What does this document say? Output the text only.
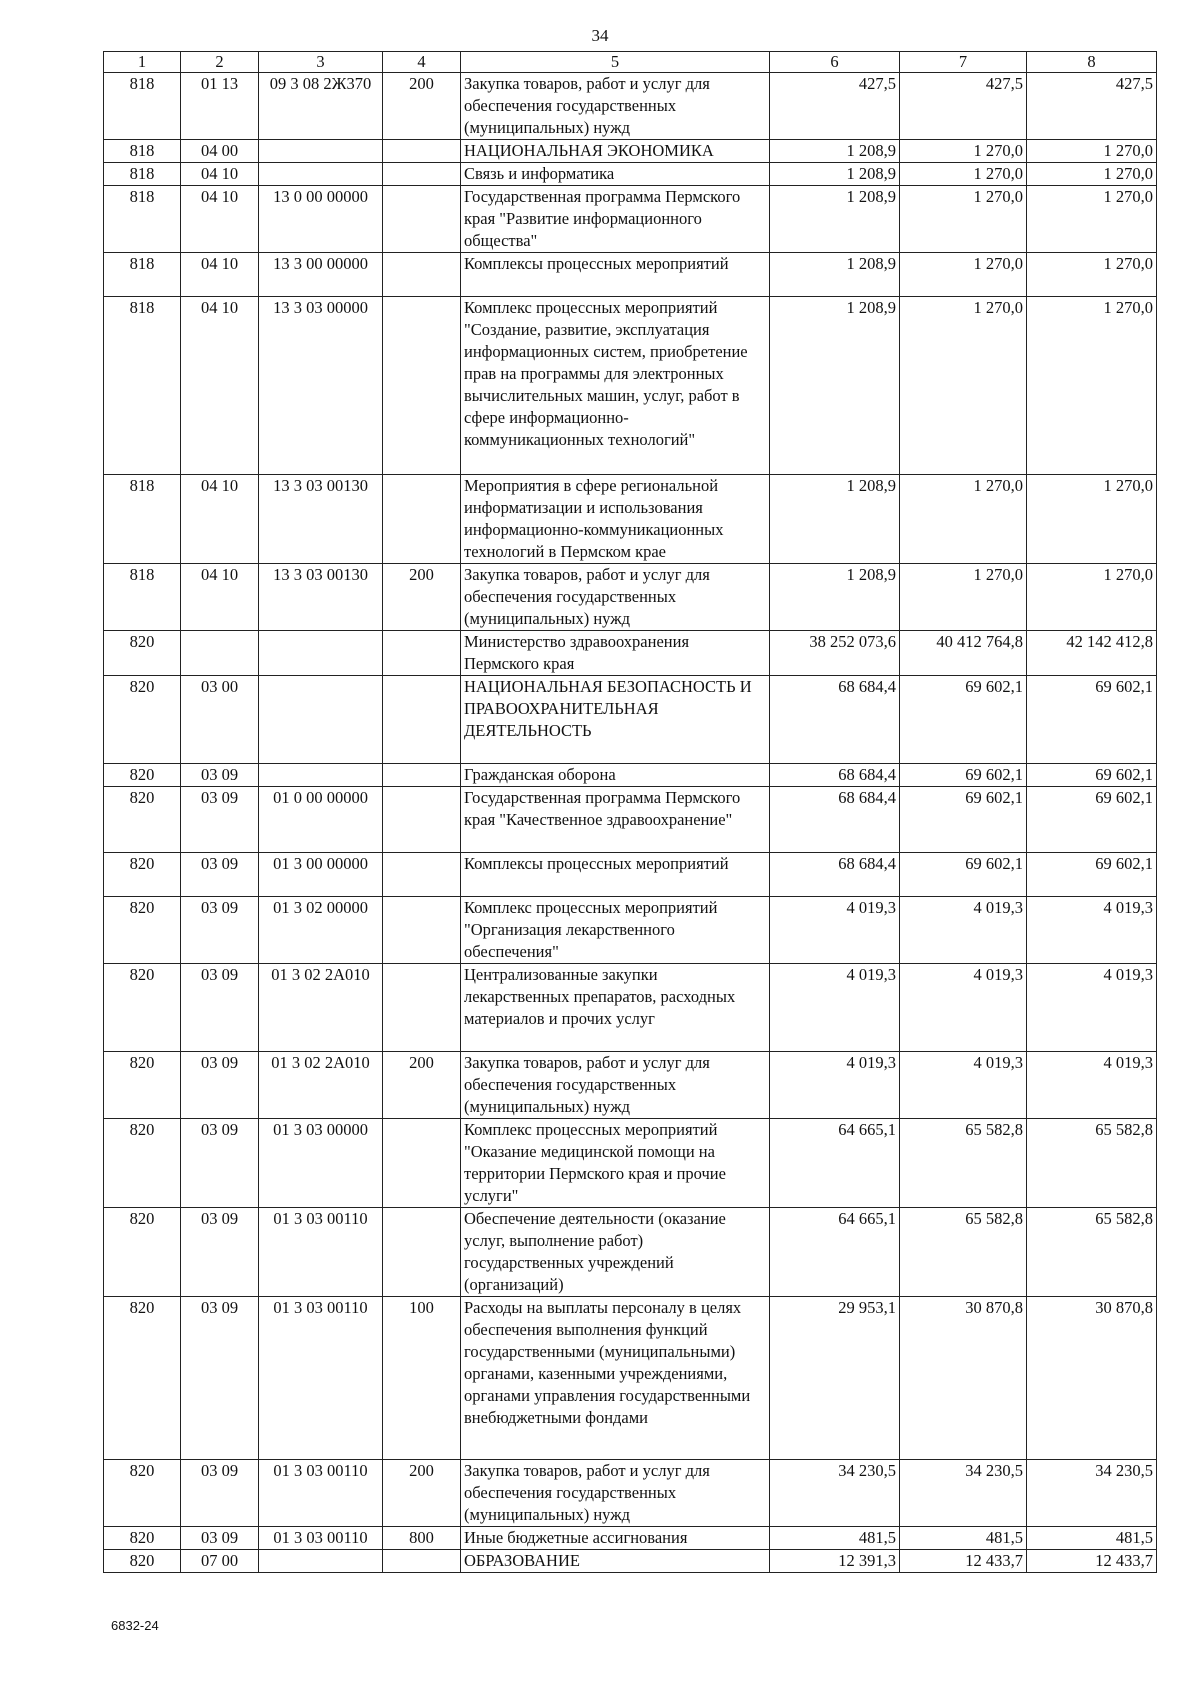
34
1	2	3	4	5	6	7	8
818	01 13	09 3 08 2Ж370	200	Закупка товаров, работ и услуг для обеспечения государственных (муниципальных) нужд	427,5	427,5	427,5
818	04 00			НАЦИОНАЛЬНАЯ ЭКОНОМИКА	1 208,9	1 270,0	1 270,0
818	04 10			Связь и информатика	1 208,9	1 270,0	1 270,0
818	04 10	13 0 00 00000		Государственная программа Пермского края "Развитие информационного общества"	1 208,9	1 270,0	1 270,0
818	04 10	13 3 00 00000		Комплексы процессных мероприятий	1 208,9	1 270,0	1 270,0
818	04 10	13 3 03 00000		Комплекс процессных мероприятий "Создание, развитие, эксплуатация информационных систем, приобретение прав на программы для электронных вычислительных машин, услуг, работ в сфере информационно-коммуникационных технологий"	1 208,9	1 270,0	1 270,0
818	04 10	13 3 03 00130		Мероприятия в сфере региональной информатизации и использования информационно-коммуникационных технологий в Пермском крае	1 208,9	1 270,0	1 270,0
818	04 10	13 3 03 00130	200	Закупка товаров, работ и услуг для обеспечения государственных (муниципальных) нужд	1 208,9	1 270,0	1 270,0
820				Министерство здравоохранения Пермского края	38 252 073,6	40 412 764,8	42 142 412,8
820	03 00			НАЦИОНАЛЬНАЯ БЕЗОПАСНОСТЬ И ПРАВООХРАНИТЕЛЬНАЯ ДЕЯТЕЛЬНОСТЬ	68 684,4	69 602,1	69 602,1
820	03 09			Гражданская оборона	68 684,4	69 602,1	69 602,1
820	03 09	01 0 00 00000		Государственная программа Пермского края "Качественное здравоохранение"	68 684,4	69 602,1	69 602,1
820	03 09	01 3 00 00000		Комплексы процессных мероприятий	68 684,4	69 602,1	69 602,1
820	03 09	01 3 02 00000		Комплекс процессных мероприятий "Организация лекарственного обеспечения"	4 019,3	4 019,3	4 019,3
820	03 09	01 3 02 2А010		Централизованные закупки лекарственных препаратов, расходных материалов и прочих услуг	4 019,3	4 019,3	4 019,3
820	03 09	01 3 02 2А010	200	Закупка товаров, работ и услуг для обеспечения государственных (муниципальных) нужд	4 019,3	4 019,3	4 019,3
820	03 09	01 3 03 00000		Комплекс процессных мероприятий "Оказание медицинской помощи на территории Пермского края и прочие услуги"	64 665,1	65 582,8	65 582,8
820	03 09	01 3 03 00110		Обеспечение деятельности (оказание услуг, выполнение работ) государственных учреждений (организаций)	64 665,1	65 582,8	65 582,8
820	03 09	01 3 03 00110	100	Расходы на выплаты персоналу в целях обеспечения выполнения функций государственными (муниципальными) органами, казенными учреждениями, органами управления государственными внебюджетными фондами	29 953,1	30 870,8	30 870,8
820	03 09	01 3 03 00110	200	Закупка товаров, работ и услуг для обеспечения государственных (муниципальных) нужд	34 230,5	34 230,5	34 230,5
820	03 09	01 3 03 00110	800	Иные бюджетные ассигнования	481,5	481,5	481,5
820	07 00			ОБРАЗОВАНИЕ	12 391,3	12 433,7	12 433,7
6832-24
